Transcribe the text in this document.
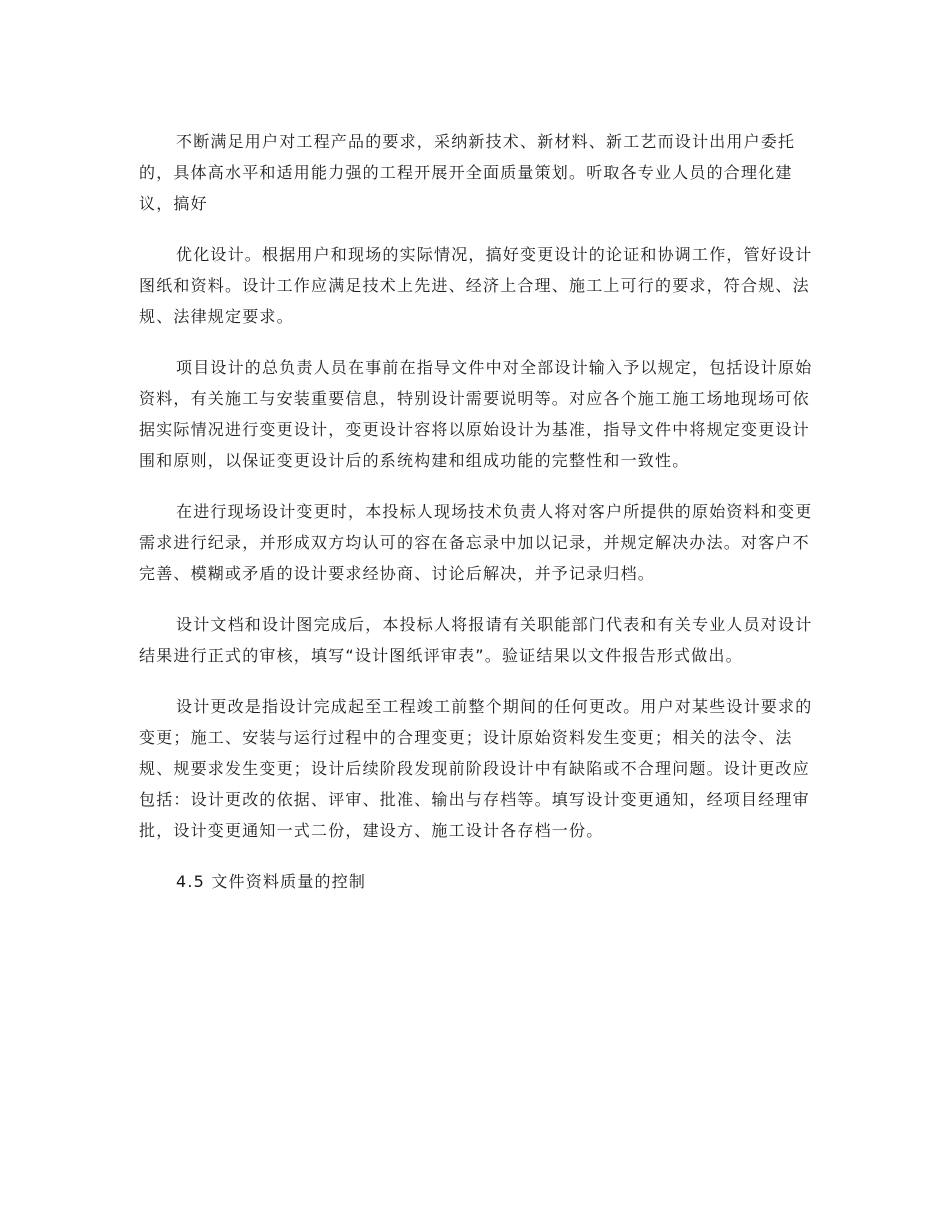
不断满足用户对工程产品的要求，采纳新技术、新材料、新工艺而设计出用户委托的，具体高水平和适用能力强的工程开展开全面质量策划。听取各专业人员的合理化建议，搞好

优化设计。根据用户和现场的实际情况，搞好变更设计的论证和协调工作，管好设计图纸和资料。设计工作应满足技术上先进、经济上合理、施工上可行的要求，符合规、法规、法律规定要求。

项目设计的总负责人员在事前在指导文件中对全部设计输入予以规定，包括设计原始资料，有关施工与安装重要信息，特别设计需要说明等。对应各个施工施工场地现场可依据实际情况进行变更设计，变更设计容将以原始设计为基准，指导文件中将规定变更设计围和原则，以保证变更设计后的系统构建和组成功能的完整性和一致性。

在进行现场设计变更时，本投标人现场技术负责人将对客户所提供的原始资料和变更需求进行纪录，并形成双方均认可的容在备忘录中加以记录，并规定解决办法。对客户不完善、模糊或矛盾的设计要求经协商、讨论后解决，并予记录归档。

设计文档和设计图完成后，本投标人将报请有关职能部门代表和有关专业人员对设计结果进行正式的审核，填写“设计图纸评审表”。验证结果以文件报告形式做出。

设计更改是指设计完成起至工程竣工前整个期间的任何更改。用户对某些设计要求的变更；施工、安装与运行过程中的合理变更；设计原始资料发生变更；相关的法令、法规、规要求发生变更；设计后续阶段发现前阶段设计中有缺陷或不合理问题。设计更改应包括：设计更改的依据、评审、批准、输出与存档等。填写设计变更通知，经项目经理审批，设计变更通知一式二份，建设方、施工设计各存档一份。

4.5 文件资料质量的控制
